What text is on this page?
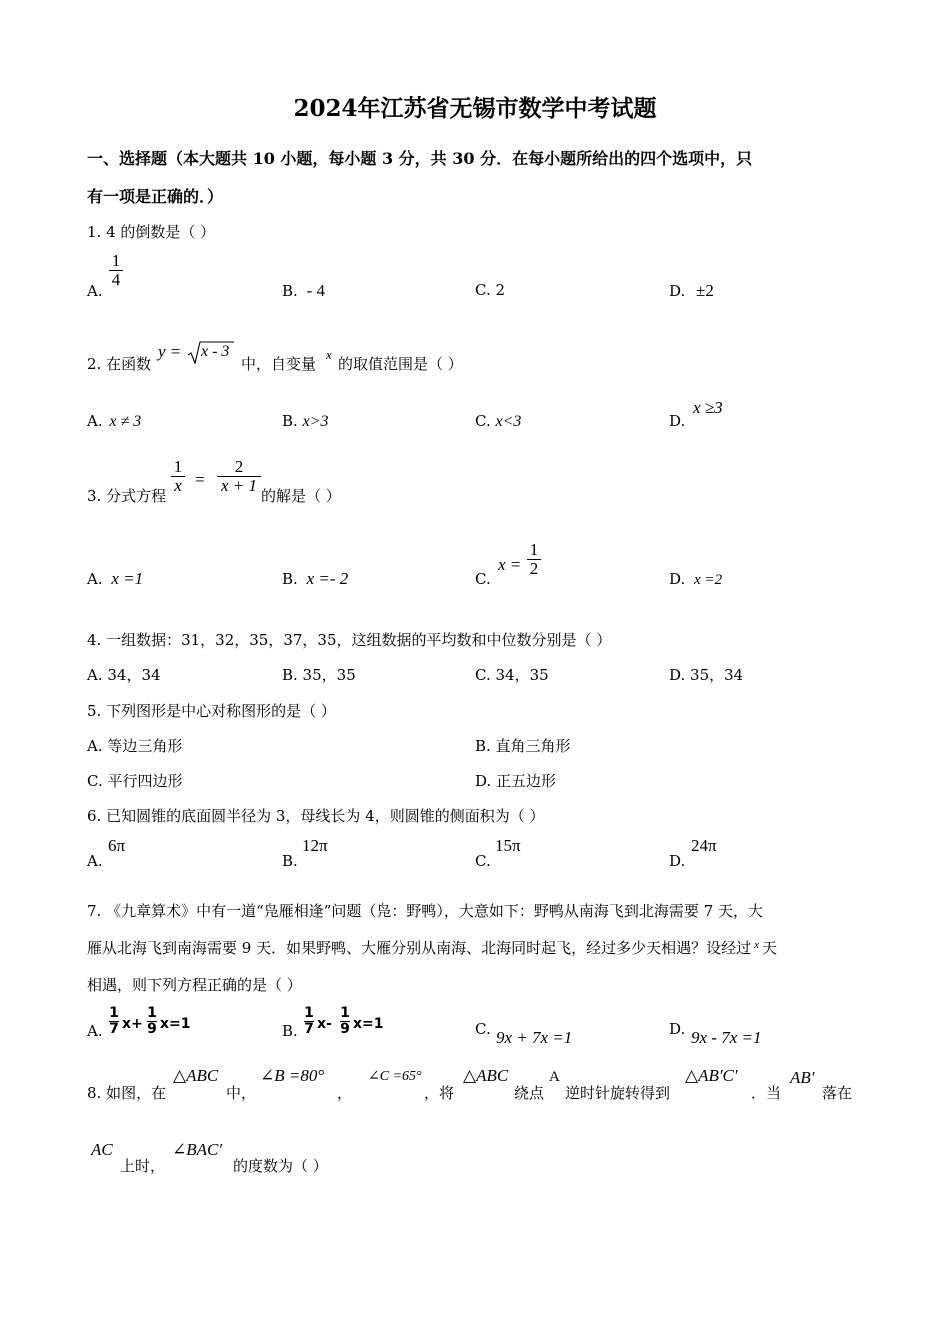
2024年江苏省无锡市数学中考试题
一、选择题（本大题共 10 小题，每小题 3 分，共 30 分．在每小题所给出的四个选项中，只
有一项是正确的．）
1. 4 的倒数是（ ）
A.
1
4
B. - 4	C. 2	D. ±2
2. 在函数
y = x - 3
中，自变量
x
的取值范围是（ ）
A. x ≠ 3	B. x>3	C. x<3	D.
x ≥3
3. 分式方程
1
x =
2
x + 1
的解是（ ）
A. x =1	B. x =- 2	C.
x =
1
2
D. x =2
4. 一组数据：31，32，35，37，35，这组数据的平均数和中位数分别是（ ）
A. 34，34	B. 35，35	C. 34，35	D. 35，34
5. 下列图形是中心对称图形的是（ ）
A. 等边三角形	B. 直角三角形
C. 平行四边形	D. 正五边形
6. 已知圆锥的底面圆半径为 3，母线长为 4，则圆锥的侧面积为（ ）
A.
6π
B.
12π
C.
15π
D.
24π
7. 《九章算术》中有一道“凫雁相逢”问题（凫：野鸭），大意如下：野鸭从南海飞到北海需要 7 天，大
雁从北海飞到南海需要 9 天．如果野鸭、大雁分别从南海、北海同时起飞，经过多少天相遇？设经过 $^x$ 天
相遇，则下列方程正确的是（ ）
A.
1
7 x+
1
9 x=1	B.
1
7 x-
1
9 x=1	C. 9x + 7x =1	D. 9x - 7x =1
8. 如图，在
△ABC
中，
∠B =80°
，
∠C =65°
，将
△ABC
绕点
A
逆时针旋转得到
△AB′C′
．当
AB′
落在
AC
上时，
∠BAC′
的度数为（ ）
